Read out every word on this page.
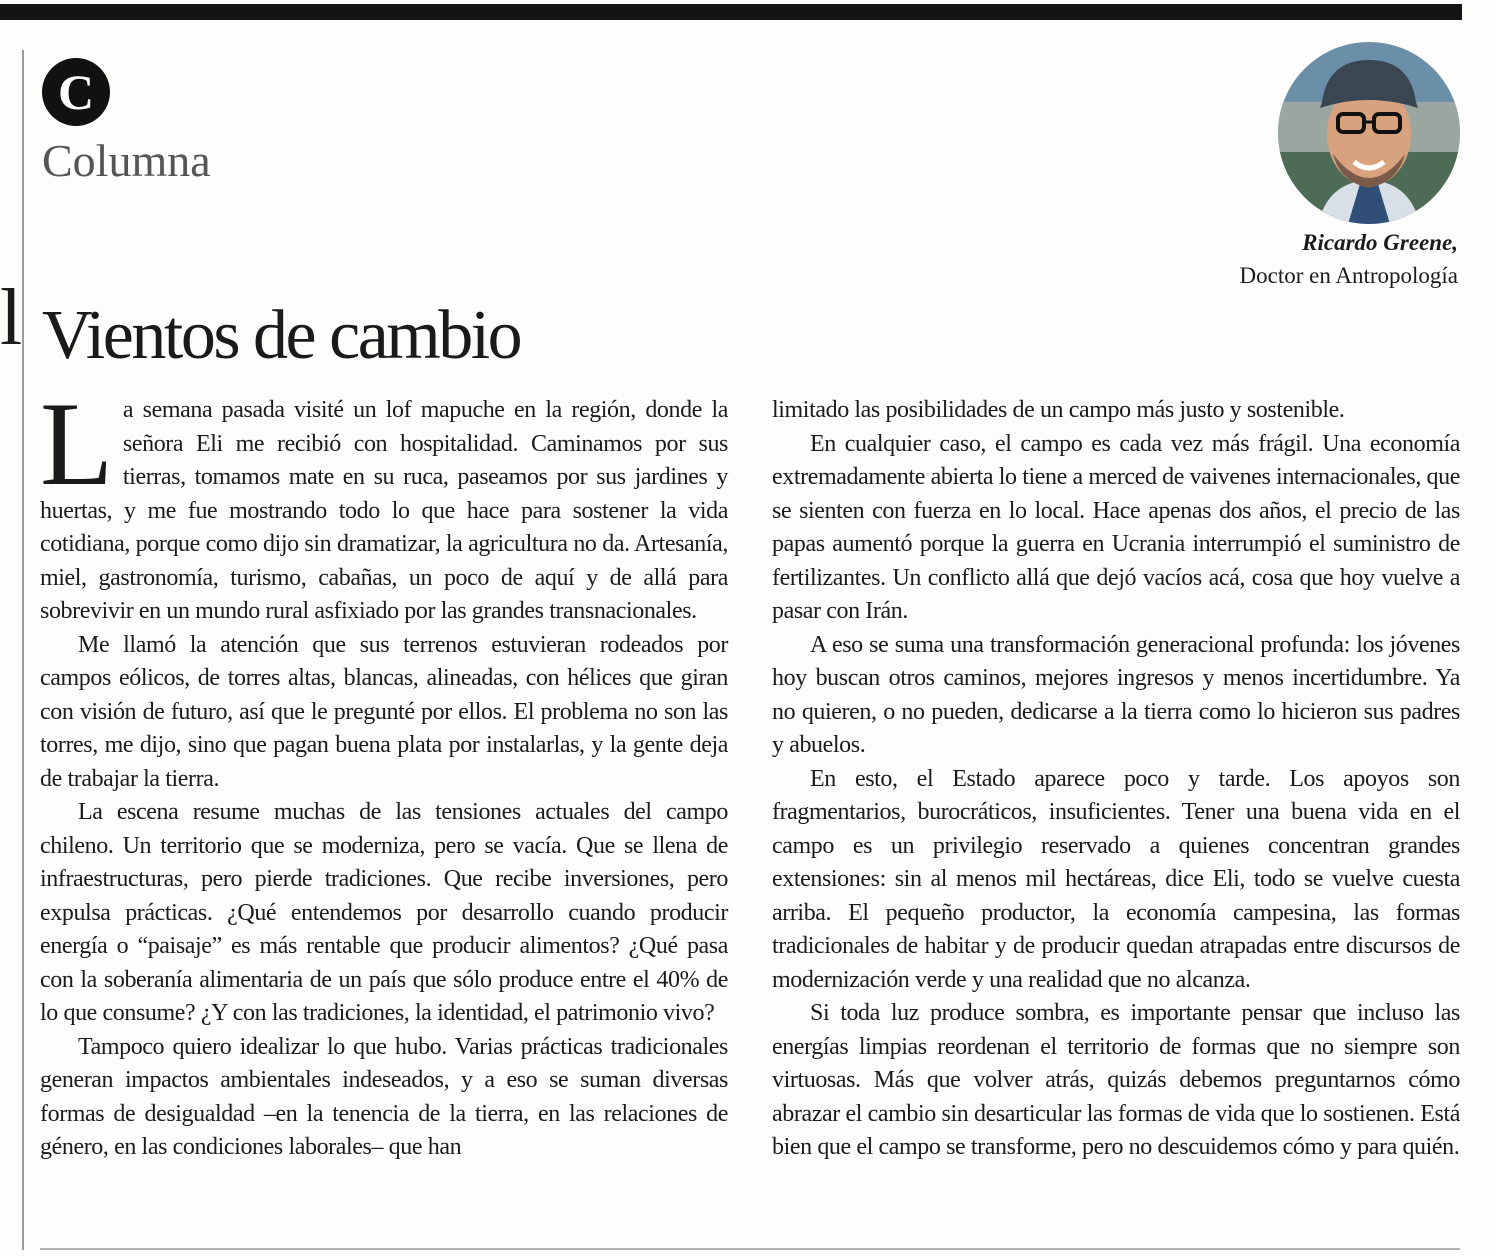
l
C
Columna
Ricardo Greene,
Doctor en Antropología
Vientos de cambio

La semana pasada visité un lof mapuche en la región, donde la señora Eli me recibió con hospitalidad. Caminamos por sus tierras, tomamos mate en su ruca, paseamos por sus jardines y huertas, y me fue mostrando todo lo que hace para sostener la vida cotidiana, porque como dijo sin dramatizar, la agricultura no da. Artesanía, miel, gastronomía, turismo, cabañas, un poco de aquí y de allá para sobrevivir en un mundo rural asfixiado por las grandes transnacionales.

Me llamó la atención que sus terrenos estuvieran rodeados por campos eólicos, de torres altas, blancas, alineadas, con hélices que giran con visión de futuro, así que le pregunté por ellos. El problema no son las torres, me dijo, sino que pagan buena plata por instalarlas, y la gente deja de trabajar la tierra.

La escena resume muchas de las tensiones actuales del campo chileno. Un territorio que se moderniza, pero se vacía. Que se llena de infraestructuras, pero pierde tradiciones. Que recibe inversiones, pero expulsa prácticas. ¿Qué entendemos por desarrollo cuando producir energía o “paisaje” es más rentable que producir alimentos? ¿Qué pasa con la soberanía alimentaria de un país que sólo produce entre el 40% de lo que consume? ¿Y con las tradiciones, la identidad, el patrimonio vivo?

Tampoco quiero idealizar lo que hubo. Varias prácticas tradicionales generan impactos ambientales indeseados, y a eso se suman diversas formas de desigualdad –en la tenencia de la tierra, en las relaciones de género, en las condiciones laborales– que han

limitado las posibilidades de un campo más justo y sostenible.

En cualquier caso, el campo es cada vez más frágil. Una economía extremadamente abierta lo tiene a merced de vaivenes internacionales, que se sienten con fuerza en lo local. Hace apenas dos años, el precio de las papas aumentó porque la guerra en Ucrania interrumpió el suministro de fertilizantes. Un conflicto allá que dejó vacíos acá, cosa que hoy vuelve a pasar con Irán.

A eso se suma una transformación generacional profunda: los jóvenes hoy buscan otros caminos, mejores ingresos y menos incertidumbre. Ya no quieren, o no pueden, dedicarse a la tierra como lo hicieron sus padres y abuelos.

En esto, el Estado aparece poco y tarde. Los apoyos son fragmentarios, burocráticos, insuficientes. Tener una buena vida en el campo es un privilegio reservado a quienes concentran grandes extensiones: sin al menos mil hectáreas, dice Eli, todo se vuelve cuesta arriba. El pequeño productor, la economía campesina, las formas tradicionales de habitar y de producir quedan atrapadas entre discursos de modernización verde y una realidad que no alcanza.

Si toda luz produce sombra, es importante pensar que incluso las energías limpias reordenan el territorio de formas que no siempre son virtuosas. Más que volver atrás, quizás debemos preguntarnos cómo abrazar el cambio sin desarticular las formas de vida que lo sostienen. Está bien que el campo se transforme, pero no descuidemos cómo y para quién.
